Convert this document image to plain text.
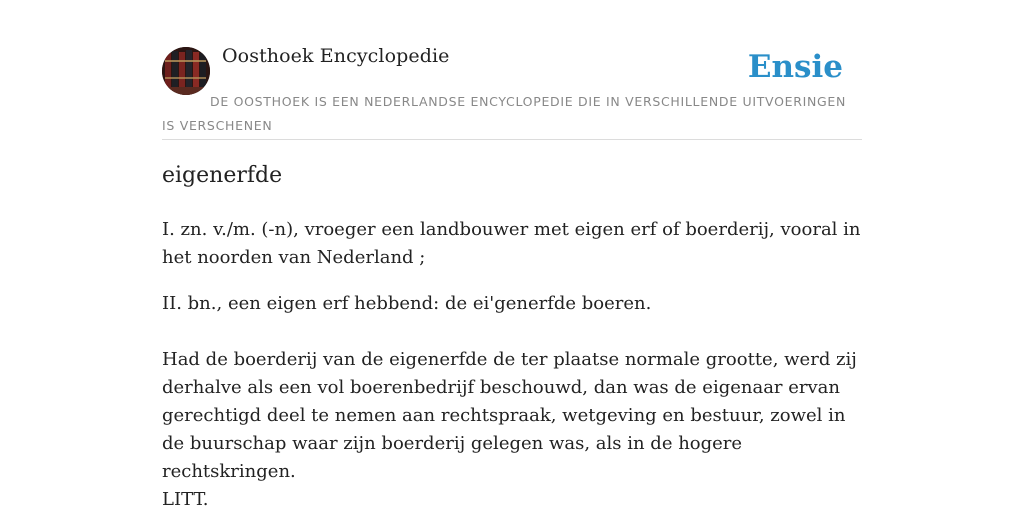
Oosthoek Encyclopedie	Ensie

DE OOSTHOEK IS EEN NEDERLANDSE ENCYCLOPEDIE DIE IN VERSCHILLENDE UITVOERINGEN IS VERSCHENEN

eigenerfde

I. zn. v./m. (-n), vroeger een landbouwer met eigen erf of boerderij, vooral in het noorden van Nederland ;

II. bn., een eigen erf hebbend: de ei'generfde boeren.

Had de boerderij van de eigenerfde de ter plaatse normale grootte, werd zij derhalve als een vol boerenbedrijf beschouwd, dan was de eigenaar ervan gerechtigd deel te nemen aan rechtspraak, wetgeving en bestuur, zowel in de buurschap waar zijn boerderij gelegen was, als in de hogere rechtskringen.

LITT.
